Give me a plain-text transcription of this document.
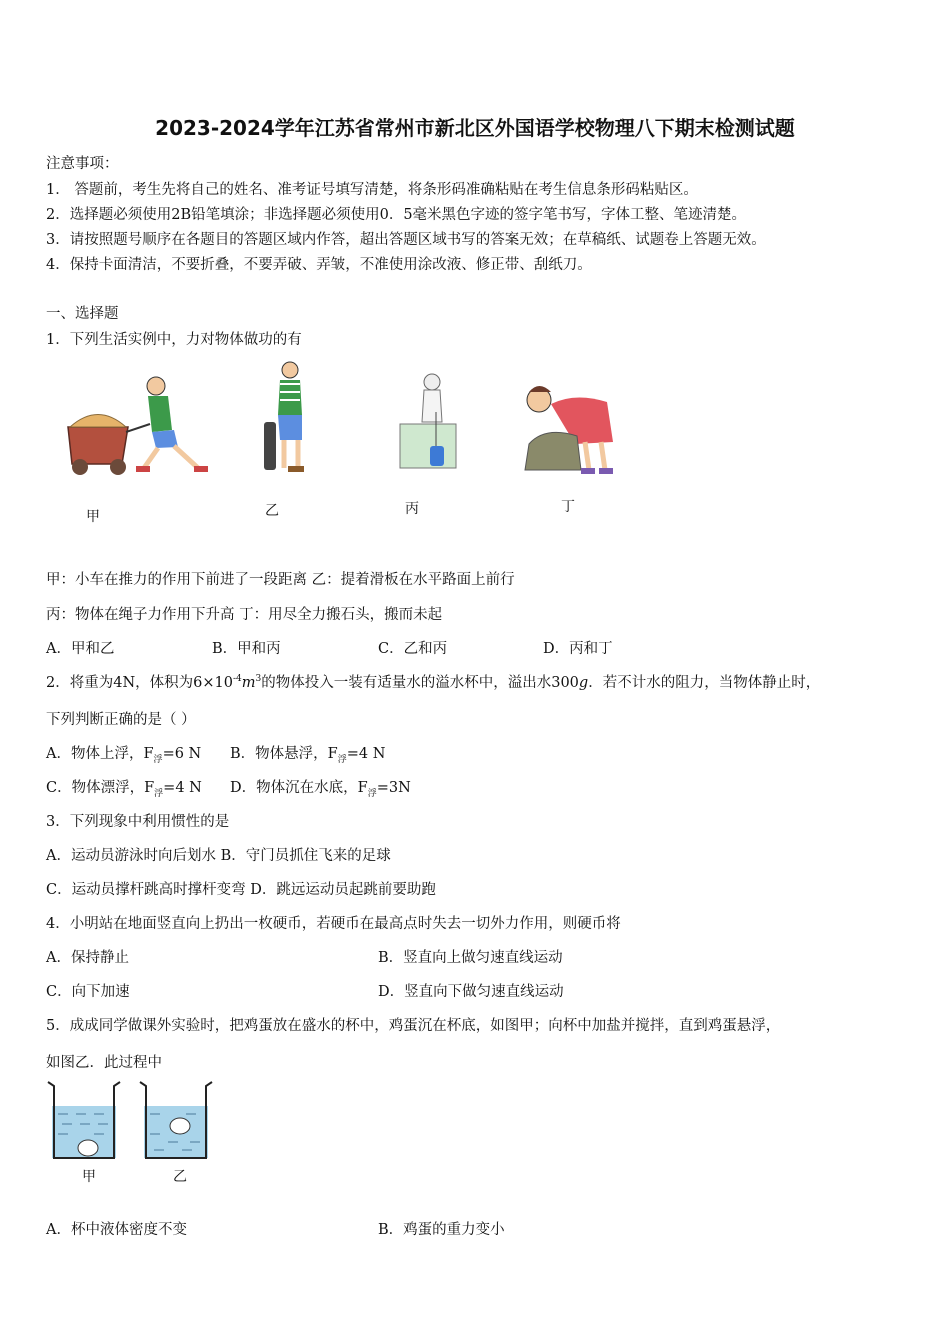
2023-2024学年江苏省常州市新北区外国语学校物理八下期末检测试题
注意事项：
1． 答题前，考生先将自己的姓名、准考证号填写清楚，将条形码准确粘贴在考生信息条形码粘贴区。
2．选择题必须使用2B铅笔填涂；非选择题必须使用0．5毫米黑色字迹的签字笔书写，字体工整、笔迹清楚。
3．请按照题号顺序在各题目的答题区域内作答，超出答题区域书写的答案无效；在草稿纸、试题卷上答题无效。
4．保持卡面清洁，不要折叠，不要弄破、弄皱，不准使用涂改液、修正带、刮纸刀。
一、选择题
1．下列生活实例中，力对物体做功的有
甲	乙	丙	丁
甲：小车在推力的作用下前进了一段距离 乙：提着滑板在水平路面上前行
丙：物体在绳子力作用下升高 丁：用尽全力搬石头，搬而未起
A．甲和乙	B．甲和丙	C．乙和丙	D．丙和丁
2．将重为4N，体积为$6\times 10^{-4}m^3$的物体投入一装有适量水的溢水杯中，溢出水300g．若不计水的阻力，当物体静止时，
下列判断正确的是（ ）
A．物体上浮，$F_浮=6$ N B．物体悬浮，$F_浮=4$ N
C．物体漂浮，$F_浮=4$ N D．物体沉在水底，$F_浮=3N$
3．下列现象中利用惯性的是
A．运动员游泳时向后划水 B．守门员抓住飞来的足球
C．运动员撑杆跳高时撑杆变弯 D．跳远运动员起跳前要助跑
4．小明站在地面竖直向上扔出一枚硬币，若硬币在最高点时失去一切外力作用，则硬币将
A．保持静止	B．竖直向上做匀速直线运动
C．向下加速	D．竖直向下做匀速直线运动
5．成成同学做课外实验时，把鸡蛋放在盛水的杯中，鸡蛋沉在杯底，如图甲；向杯中加盐并搅拌，直到鸡蛋悬浮，
如图乙．此过程中
甲	乙
A．杯中液体密度不变	B．鸡蛋的重力变小
